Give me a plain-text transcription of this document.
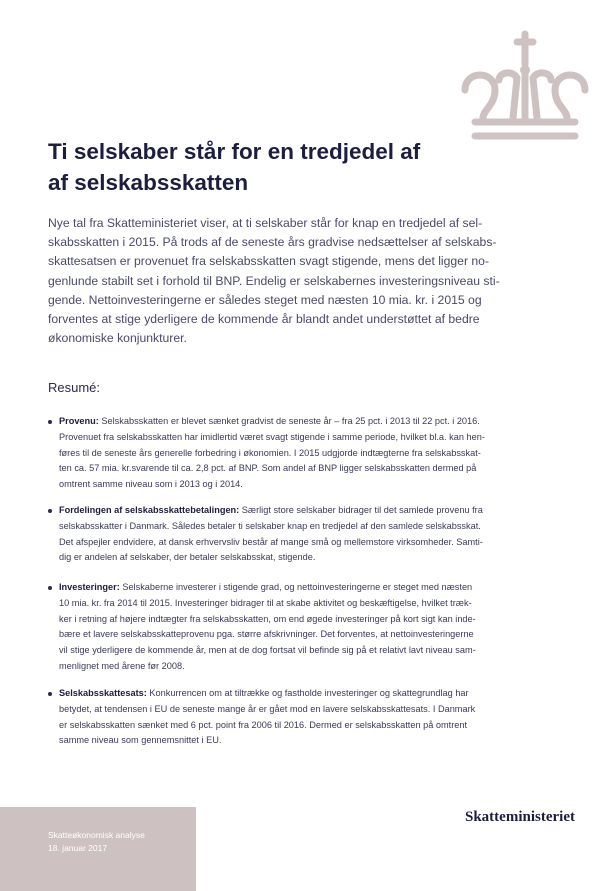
Ti selskaber står for en tredjedel af
af selskabsskatten

Nye tal fra Skatteministeriet viser, at ti selskaber står for knap en tredjedel af sel-
skabsskatten i 2015. På trods af de seneste års gradvise nedsættelser af selskabs-
skattesatsen er provenuet fra selskabsskatten svagt stigende, mens det ligger no-
genlunde stabilt set i forhold til BNP. Endelig er selskabernes investeringsniveau sti-
gende. Nettoinvesteringerne er således steget med næsten 10 mia. kr. i 2015 og
forventes at stige yderligere de kommende år blandt andet understøttet af bedre
økonomiske konjunkturer.

Resumé:
Provenu: Selskabsskatten er blevet sænket gradvist de seneste år – fra 25 pct. i 2013 til 22 pct. i 2016.
Provenuet fra selskabsskatten har imidlertid været svagt stigende i samme periode, hvilket bl.a. kan hen-
føres til de seneste års generelle forbedring i økonomien. I 2015 udgjorde indtægterne fra selskabsskat-
ten ca. 57 mia. kr.svarende til ca. 2,8 pct. af BNP. Som andel af BNP ligger selskabsskatten dermed på
omtrent samme niveau som i 2013 og i 2014.
Fordelingen af selskabsskattebetalingen: Særligt store selskaber bidrager til det samlede provenu fra
selskabsskatter i Danmark. Således betaler ti selskaber knap en tredjedel af den samlede selskabsskat.
Det afspejler endvidere, at dansk erhvervsliv består af mange små og mellemstore virksomheder. Samti-
dig er andelen af selskaber, der betaler selskabsskat, stigende.
Investeringer: Selskaberne investerer i stigende grad, og nettoinvesteringerne er steget med næsten
10 mia. kr. fra 2014 til 2015. Investeringer bidrager til at skabe aktivitet og beskæftigelse, hvilket træk-
ker i retning af højere indtægter fra selskabsskatten, om end øgede investeringer på kort sigt kan inde-
bære et lavere selskabsskatteprovenu pga. større afskrivninger. Det forventes, at nettoinvesteringerne
vil stige yderligere de kommende år, men at de dog fortsat vil befinde sig på et relativt lavt niveau sam-
menlignet med årene før 2008.
Selskabsskattesats: Konkurrencen om at tiltrække og fastholde investeringer og skattegrundlag har
betydet, at tendensen i EU de seneste mange år er gået mod en lavere selskabsskattesats. I Danmark
er selskabsskatten sænket med 6 pct. point fra 2006 til 2016. Dermed er selskabsskatten på omtrent
samme niveau som gennemsnittet i EU.

Skatteøkonomisk analyse

18. januar 2017

Skatteministeriet
